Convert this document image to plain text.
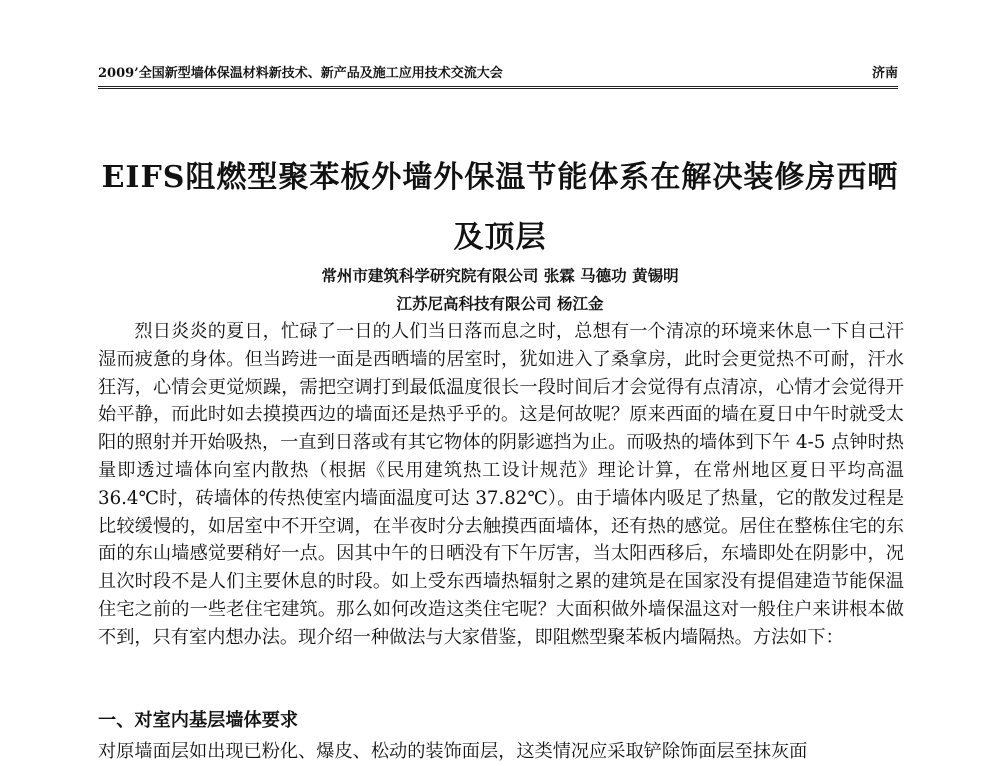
2009’全国新型墙体保温材料新技术、新产品及施工应用技术交流大会	济南
EIFS阻燃型聚苯板外墙外保温节能体系在解决装修房西晒
及顶层
常州市建筑科学研究院有限公司 张霖 马德功 黄锡明
江苏尼高科技有限公司 杨江金

烈日炎炎的夏日，忙碌了一日的人们当日落而息之时，总想有一个清凉的环境来休息一下自己汗湿而疲惫的身体。但当跨进一面是西晒墙的居室时，犹如进入了桑拿房，此时会更觉热不可耐，汗水狂泻，心情会更觉烦躁，需把空调打到最低温度很长一段时间后才会觉得有点清凉，心情才会觉得开始平静，而此时如去摸摸西边的墙面还是热乎乎的。这是何故呢？原来西面的墙在夏日中午时就受太阳的照射并开始吸热，一直到日落或有其它物体的阴影遮挡为止。而吸热的墙体到下午 4-5 点钟时热量即透过墙体向室内散热（根据《民用建筑热工设计规范》理论计算，在常州地区夏日平均高温 36.4℃时，砖墙体的传热使室内墙面温度可达 37.82℃）。由于墙体内吸足了热量，它的散发过程是比较缓慢的，如居室中不开空调，在半夜时分去触摸西面墙体，还有热的感觉。居住在整栋住宅的东面的东山墙感觉要稍好一点。因其中午的日晒没有下午厉害，当太阳西移后，东墙即处在阴影中，况且次时段不是人们主要休息的时段。如上受东西墙热辐射之累的建筑是在国家没有提倡建造节能保温住宅之前的一些老住宅建筑。那么如何改造这类住宅呢？大面积做外墙保温这对一般住户来讲根本做不到，只有室内想办法。现介绍一种做法与大家借鉴，即阻燃型聚苯板内墙隔热。方法如下：

一、对室内基层墙体要求

对原墙面层如出现已粉化、爆皮、松动的装饰面层，这类情况应采取铲除饰面层至抹灰面
